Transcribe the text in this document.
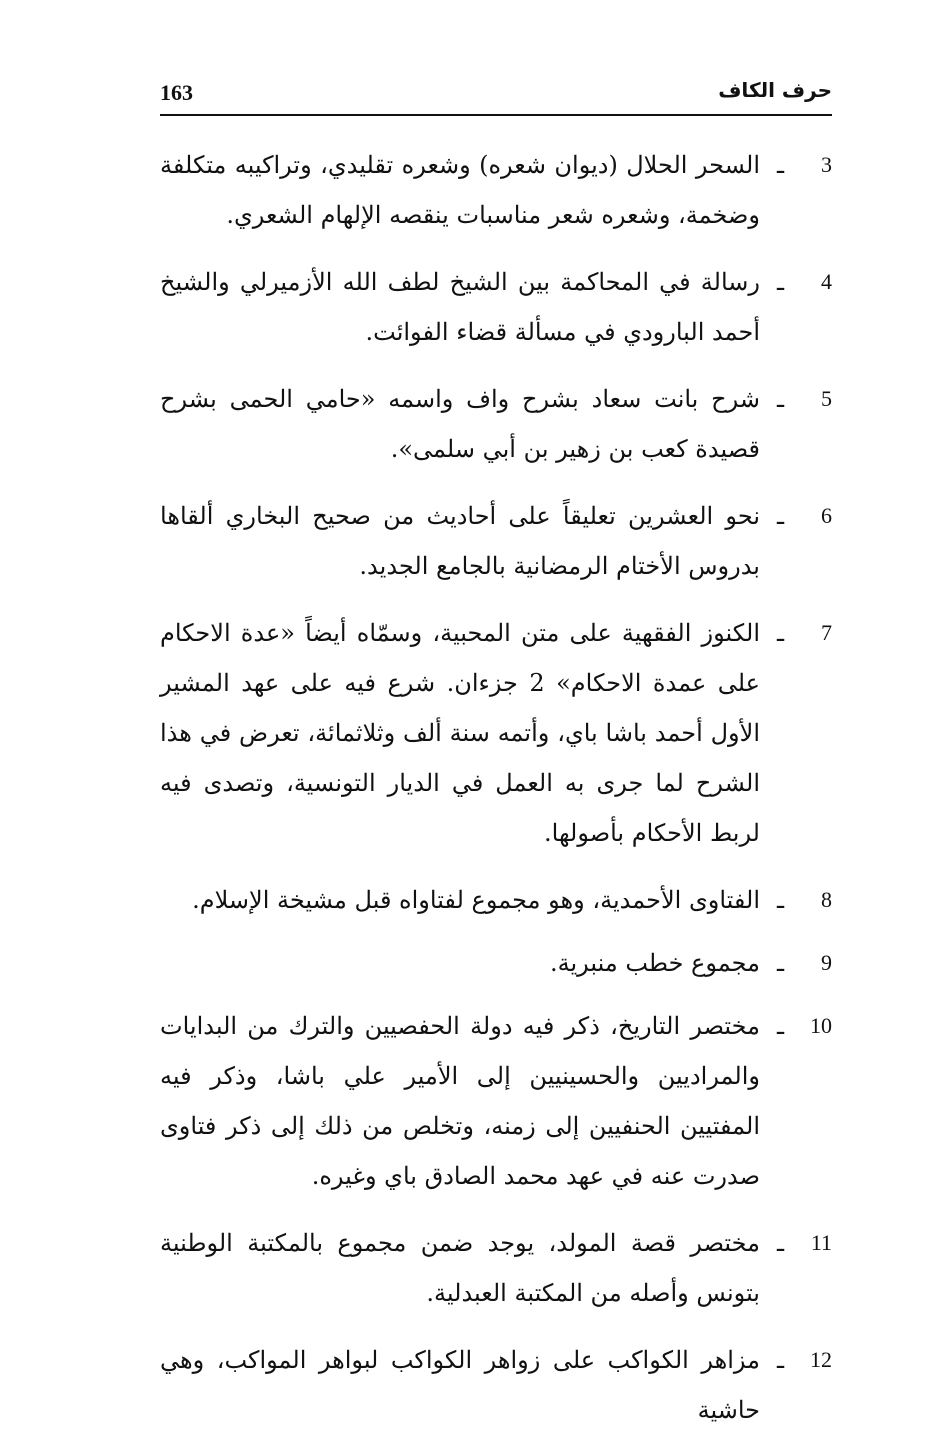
163	حرف الكاف
3
ـ
السحر الحلال (ديوان شعره) وشعره تقليدي، وتراكيبه متكلفة وضخمة، وشعره شعر مناسبات ينقصه الإلهام الشعري.
4
ـ
رسالة في المحاكمة بين الشيخ لطف الله الأزميرلي والشيخ أحمد البارودي في مسألة قضاء الفوائت.
5
ـ
شرح بانت سعاد بشرح واف واسمه «حامي الحمى بشرح قصيدة كعب بن زهير بن أبي سلمى».
6
ـ
نحو العشرين تعليقاً على أحاديث من صحيح البخاري ألقاها بدروس الأختام الرمضانية بالجامع الجديد.
7
ـ
الكنوز الفقهية على متن المحبية، وسمّاه أيضاً «عدة الاحكام على عمدة الاحكام» 2 جزءان. شرع فيه على عهد المشير الأول أحمد باشا باي، وأتمه سنة ألف وثلاثمائة، تعرض في هذا الشرح لما جرى به العمل في الديار التونسية، وتصدى فيه لربط الأحكام بأصولها.
8
ـ
الفتاوى الأحمدية، وهو مجموع لفتاواه قبل مشيخة الإسلام.
9
ـ
مجموع خطب منبرية.
10
ـ
مختصر التاريخ، ذكر فيه دولة الحفصيين والترك من البدايات والمراديين والحسينيين إلى الأمير علي باشا، وذكر فيه المفتيين الحنفيين إلى زمنه، وتخلص من ذلك إلى ذكر فتاوى صدرت عنه في عهد محمد الصادق باي وغيره.
11
ـ
مختصر قصة المولد، يوجد ضمن مجموع بالمكتبة الوطنية بتونس وأصله من المكتبة العبدلية.
12
ـ
مزاهر الكواكب على زواهر الكواكب لبواهر المواكب، وهي حاشية
